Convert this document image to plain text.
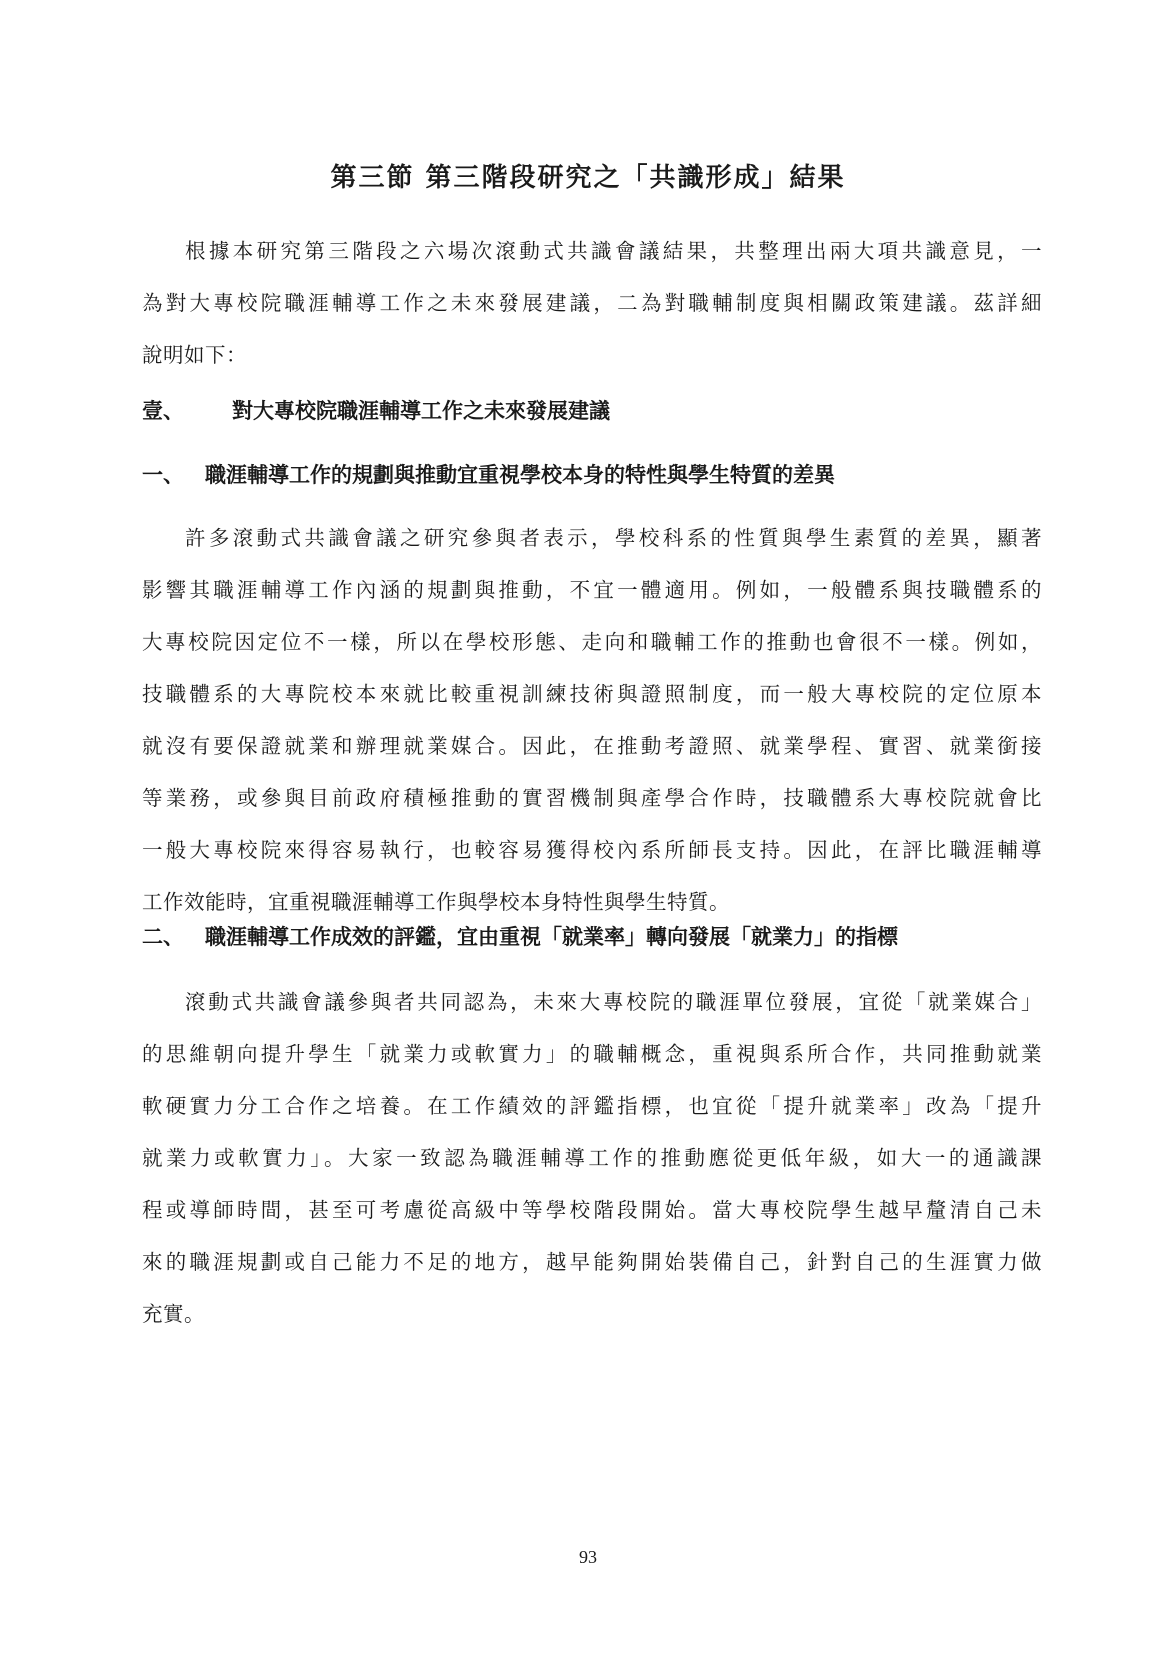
第三節 第三階段研究之「共識形成」結果
根據本研究第三階段之六場次滾動式共識會議結果，共整理出兩大項共識意見，一
為對大專校院職涯輔導工作之未來發展建議，二為對職輔制度與相關政策建議。茲詳細
說明如下：
壹、 對大專校院職涯輔導工作之未來發展建議
一、 職涯輔導工作的規劃與推動宜重視學校本身的特性與學生特質的差異
許多滾動式共識會議之研究參與者表示，學校科系的性質與學生素質的差異，顯著
影響其職涯輔導工作內涵的規劃與推動，不宜一體適用。例如，一般體系與技職體系的
大專校院因定位不一樣，所以在學校形態、走向和職輔工作的推動也會很不一樣。例如，
技職體系的大專院校本來就比較重視訓練技術與證照制度，而一般大專校院的定位原本
就沒有要保證就業和辦理就業媒合。因此，在推動考證照、就業學程、實習、就業銜接
等業務，或參與目前政府積極推動的實習機制與產學合作時，技職體系大專校院就會比
一般大專校院來得容易執行，也較容易獲得校內系所師長支持。因此，在評比職涯輔導
工作效能時，宜重視職涯輔導工作與學校本身特性與學生特質。
二、 職涯輔導工作成效的評鑑，宜由重視「就業率」轉向發展「就業力」的指標
滾動式共識會議參與者共同認為，未來大專校院的職涯單位發展，宜從「就業媒合」
的思維朝向提升學生「就業力或軟實力」的職輔概念，重視與系所合作，共同推動就業
軟硬實力分工合作之培養。在工作績效的評鑑指標，也宜從「提升就業率」改為「提升
就業力或軟實力」。大家一致認為職涯輔導工作的推動應從更低年級，如大一的通識課
程或導師時間，甚至可考慮從高級中等學校階段開始。當大專校院學生越早釐清自己未
來的職涯規劃或自己能力不足的地方，越早能夠開始裝備自己，針對自己的生涯實力做
充實。

93
